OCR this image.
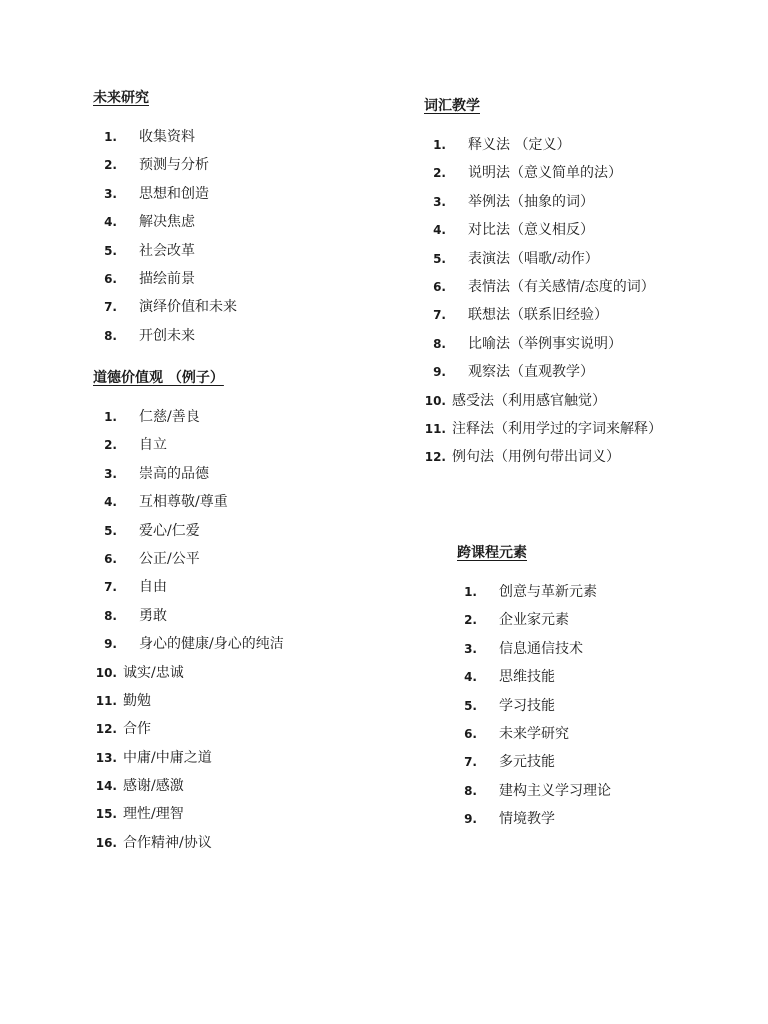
未来研究
1. 收集资料
2. 预测与分析
3. 思想和创造
4. 解决焦虑
5. 社会改革
6. 描绘前景
7. 演绎价值和未来
8. 开创未来
道德价值观 （例子）
1. 仁慈/善良
2. 自立
3. 崇高的品德
4. 互相尊敬/尊重
5. 爱心/仁爱
6. 公正/公平
7. 自由
8. 勇敢
9. 身心的健康/身心的纯洁
10. 诚实/忠诚
11. 勤勉
12. 合作
13. 中庸/中庸之道
14. 感谢/感激
15. 理性/理智
16. 合作精神/协议
词汇教学
1. 释义法 （定义）
2. 说明法（意义简单的法）
3. 举例法（抽象的词）
4. 对比法（意义相反）
5. 表演法（唱歌/动作）
6. 表情法（有关感情/态度的词）
7. 联想法（联系旧经验）
8. 比喻法（举例事实说明）
9. 观察法（直观教学）
10. 感受法（利用感官触觉）
11. 注释法（利用学过的字词来解释）
12. 例句法（用例句带出词义）
跨课程元素
1. 创意与革新元素
2. 企业家元素
3. 信息通信技术
4. 思维技能
5. 学习技能
6. 未来学研究
7. 多元技能
8. 建构主义学习理论
9. 情境教学
